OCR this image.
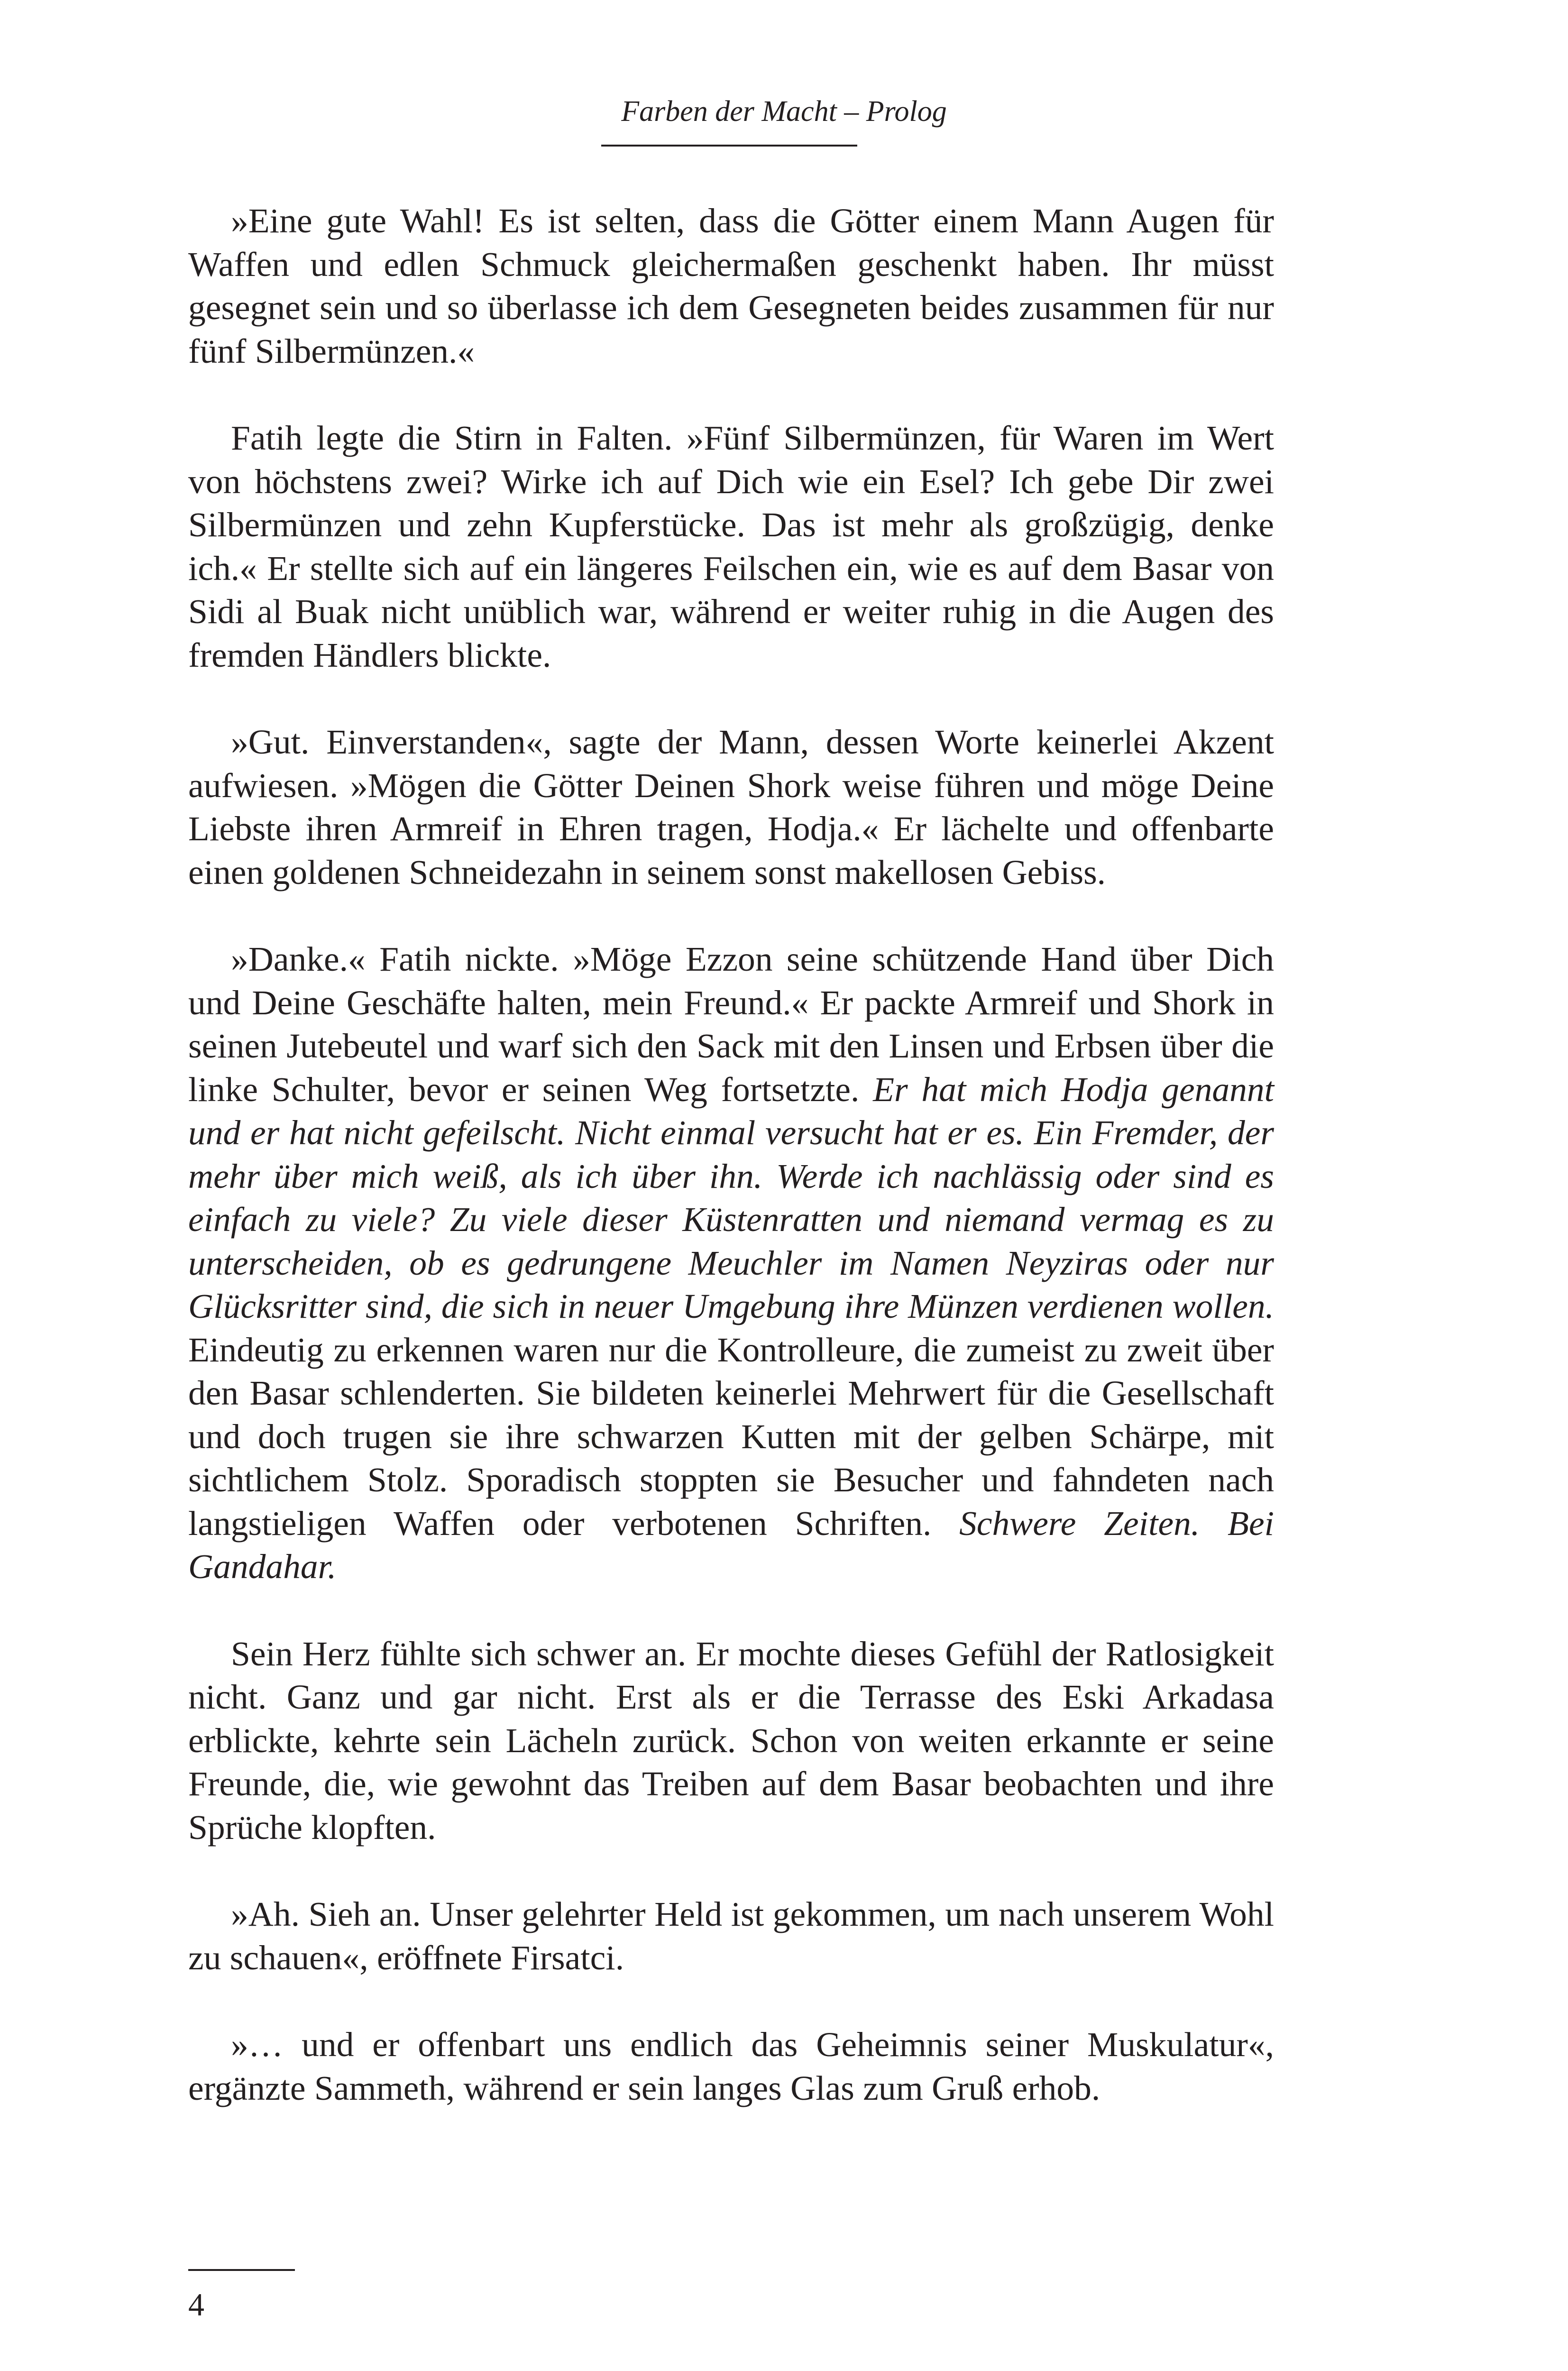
Farben der Macht – Prolog

»Eine gute Wahl! Es ist selten, dass die Götter einem Mann Augen für Waffen und edlen Schmuck gleichermaßen geschenkt haben. Ihr müsst gesegnet sein und so überlasse ich dem Gesegneten beides zusammen für nur fünf Silbermünzen.«

Fatih legte die Stirn in Falten. »Fünf Silbermünzen, für Waren im Wert von höchstens zwei? Wirke ich auf Dich wie ein Esel? Ich gebe Dir zwei Silbermünzen und zehn Kupferstücke. Das ist mehr als großzügig, denke ich.« Er stellte sich auf ein längeres Feilschen ein, wie es auf dem Basar von Sidi al Buak nicht unüblich war, während er weiter ruhig in die Augen des fremden Händlers blickte.

»Gut. Einverstanden«, sagte der Mann, dessen Worte keinerlei Akzent aufwiesen. »Mögen die Götter Deinen Shork weise führen und möge Deine Liebste ihren Armreif in Ehren tragen, Hodja.« Er lächelte und offenbarte einen goldenen Schneidezahn in seinem sonst makellosen Gebiss.

»Danke.« Fatih nickte. »Möge Ezzon seine schützende Hand über Dich und Deine Geschäfte halten, mein Freund.« Er packte Armreif und Shork in seinen Jutebeutel und warf sich den Sack mit den Linsen und Erbsen über die linke Schulter, bevor er seinen Weg fortsetzte. Er hat mich Hodja genannt und er hat nicht gefeilscht. Nicht einmal versucht hat er es. Ein Fremder, der mehr über mich weiß, als ich über ihn. Werde ich nachlässig oder sind es einfach zu viele? Zu viele dieser Küstenratten und niemand vermag es zu unterscheiden, ob es gedrungene Meuchler im Namen Neyziras oder nur Glücksritter sind, die sich in neuer Umgebung ihre Münzen verdienen wollen. Eindeutig zu erkennen waren nur die Kontrolleure, die zumeist zu zweit über den Basar schlenderten. Sie bildeten keinerlei Mehrwert für die Gesellschaft und doch trugen sie ihre schwarzen Kutten mit der gelben Schärpe, mit sichtlichem Stolz. Sporadisch stoppten sie Besucher und fahndeten nach langstieligen Waffen oder verbotenen Schriften. Schwere Zeiten. Bei Gandahar.

Sein Herz fühlte sich schwer an. Er mochte dieses Gefühl der Ratlosigkeit nicht. Ganz und gar nicht. Erst als er die Terrasse des Eski Arkadasa erblickte, kehrte sein Lächeln zurück. Schon von weiten erkannte er seine Freunde, die, wie gewohnt das Treiben auf dem Basar beobachten und ihre Sprüche klopften.

»Ah. Sieh an. Unser gelehrter Held ist gekommen, um nach unserem Wohl zu schauen«, eröffnete Firsatci.

»… und er offenbart uns endlich das Geheimnis seiner Muskulatur«, ergänzte Sammeth, während er sein langes Glas zum Gruß erhob.

4
